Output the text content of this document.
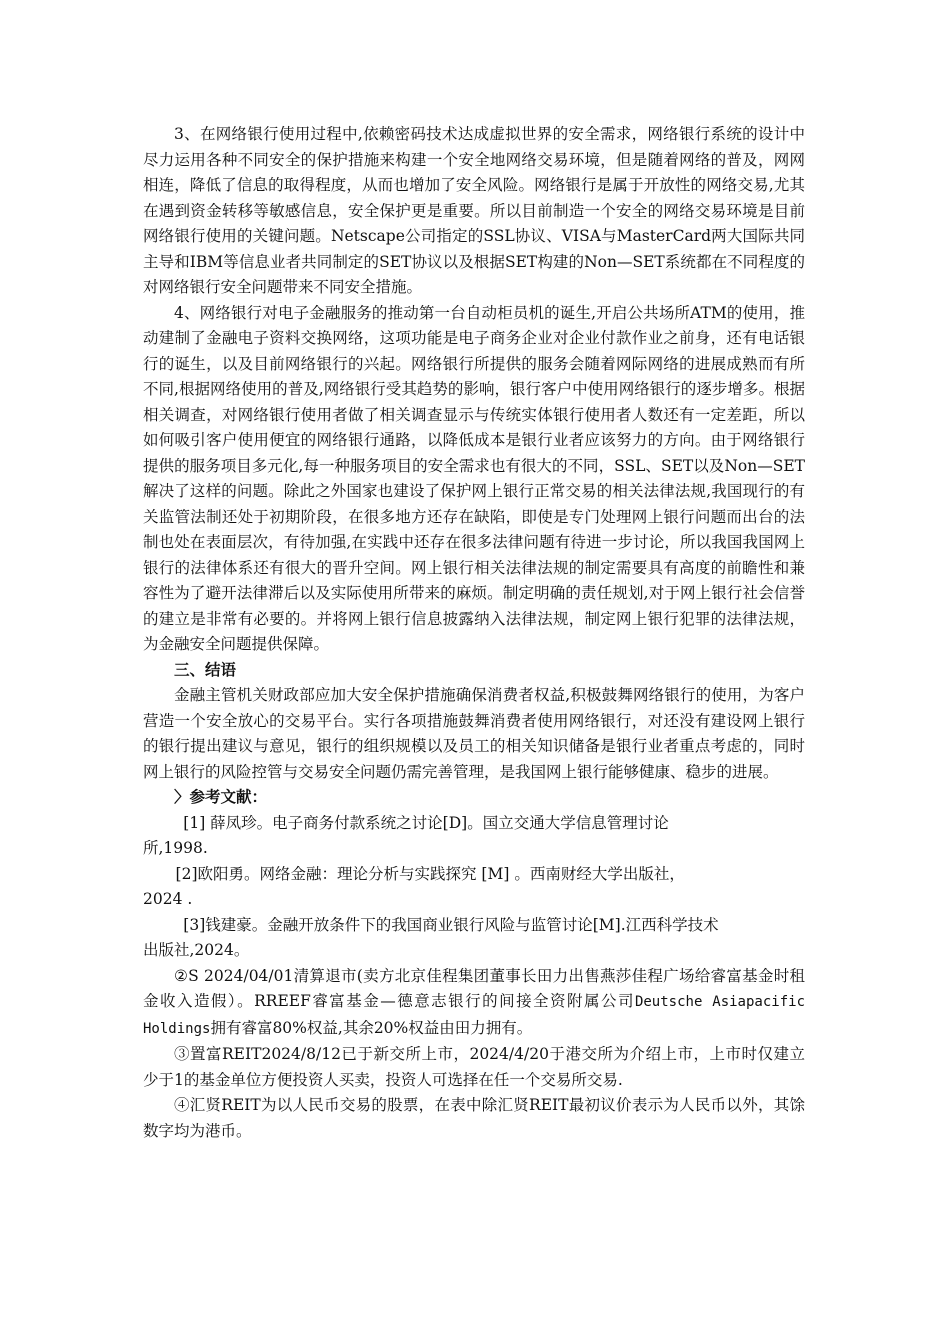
3、在网络银行使用过程中,依赖密码技术达成虚拟世界的安全需求，网络银行系统的设计中尽力运用各种不同安全的保护措施来构建一个安全地网络交易环境，但是随着网络的普及，网网相连，降低了信息的取得程度，从而也增加了安全风险。网络银行是属于开放性的网络交易,尤其在遇到资金转移等敏感信息，安全保护更是重要。所以目前制造一个安全的网络交易环境是目前网络银行使用的关键问题。Netscape公司指定的SSL协议、VISA与MasterCard两大国际共同主导和IBM等信息业者共同制定的SET协议以及根据SET构建的Non—SET系统都在不同程度的对网络银行安全问题带来不同安全措施。

4、网络银行对电子金融服务的推动第一台自动柜员机的诞生,开启公共场所ATM的使用，推动建制了金融电子资料交换网络，这项功能是电子商务企业对企业付款作业之前身，还有电话银行的诞生，以及目前网络银行的兴起。网络银行所提供的服务会随着网际网络的进展成熟而有所不同,根据网络使用的普及,网络银行受其趋势的影响，银行客户中使用网络银行的逐步增多。根据相关调查，对网络银行使用者做了相关调查显示与传统实体银行使用者人数还有一定差距，所以如何吸引客户使用便宜的网络银行通路，以降低成本是银行业者应该努力的方向。由于网络银行提供的服务项目多元化,每一种服务项目的安全需求也有很大的不同，SSL、SET以及Non—SET解决了这样的问题。除此之外国家也建设了保护网上银行正常交易的相关法律法规,我国现行的有关监管法制还处于初期阶段，在很多地方还存在缺陷，即使是专门处理网上银行问题而出台的法制也处在表面层次，有待加强,在实践中还存在很多法律问题有待进一步讨论，所以我国我国网上银行的法律体系还有很大的晋升空间。网上银行相关法律法规的制定需要具有高度的前瞻性和兼容性为了避开法律滞后以及实际使用所带来的麻烦。制定明确的责任规划,对于网上银行社会信誉的建立是非常有必要的。并将网上银行信息披露纳入法律法规，制定网上银行犯罪的法律法规，为金融安全问题提供保障。

三、结语

金融主管机关财政部应加大安全保护措施确保消费者权益,积极鼓舞网络银行的使用，为客户营造一个安全放心的交易平台。实行各项措施鼓舞消费者使用网络银行，对还没有建设网上银行的银行提出建议与意见，银行的组织规模以及员工的相关知识储备是银行业者重点考虑的，同时网上银行的风险控管与交易安全问题仍需完善管理，是我国网上银行能够健康、稳步的进展。

〉参考文献：

[1] 薛凤珍。电子商务付款系统之讨论[D]。国立交通大学信息管理讨论
所,1998.
[2]欧阳勇。网络金融：理论分析与实践探究 [M] 。西南财经大学出版社，
2024 .
[3]钱建豪。金融开放条件下的我国商业银行风险与监管讨论[M].江西科学技术
出版社,2024。

②S 2024/04/01清算退市(卖方北京佳程集团董事长田力出售燕莎佳程广场给睿富基金时租金收入造假）。RREEF睿富基金—德意志银行的间接全资附属公司Deutsche Asiapacific Holdings拥有睿富80%权益,其余20%权益由田力拥有。

③置富REIT2024/8/12已于新交所上市，2024/4/20于港交所为介绍上市，上市时仅建立少于1的基金单位方便投资人买卖，投资人可选择在任一个交易所交易.

④汇贤REIT为以人民币交易的股票，在表中除汇贤REIT最初议价表示为人民币以外，其馀数字均为港币。
